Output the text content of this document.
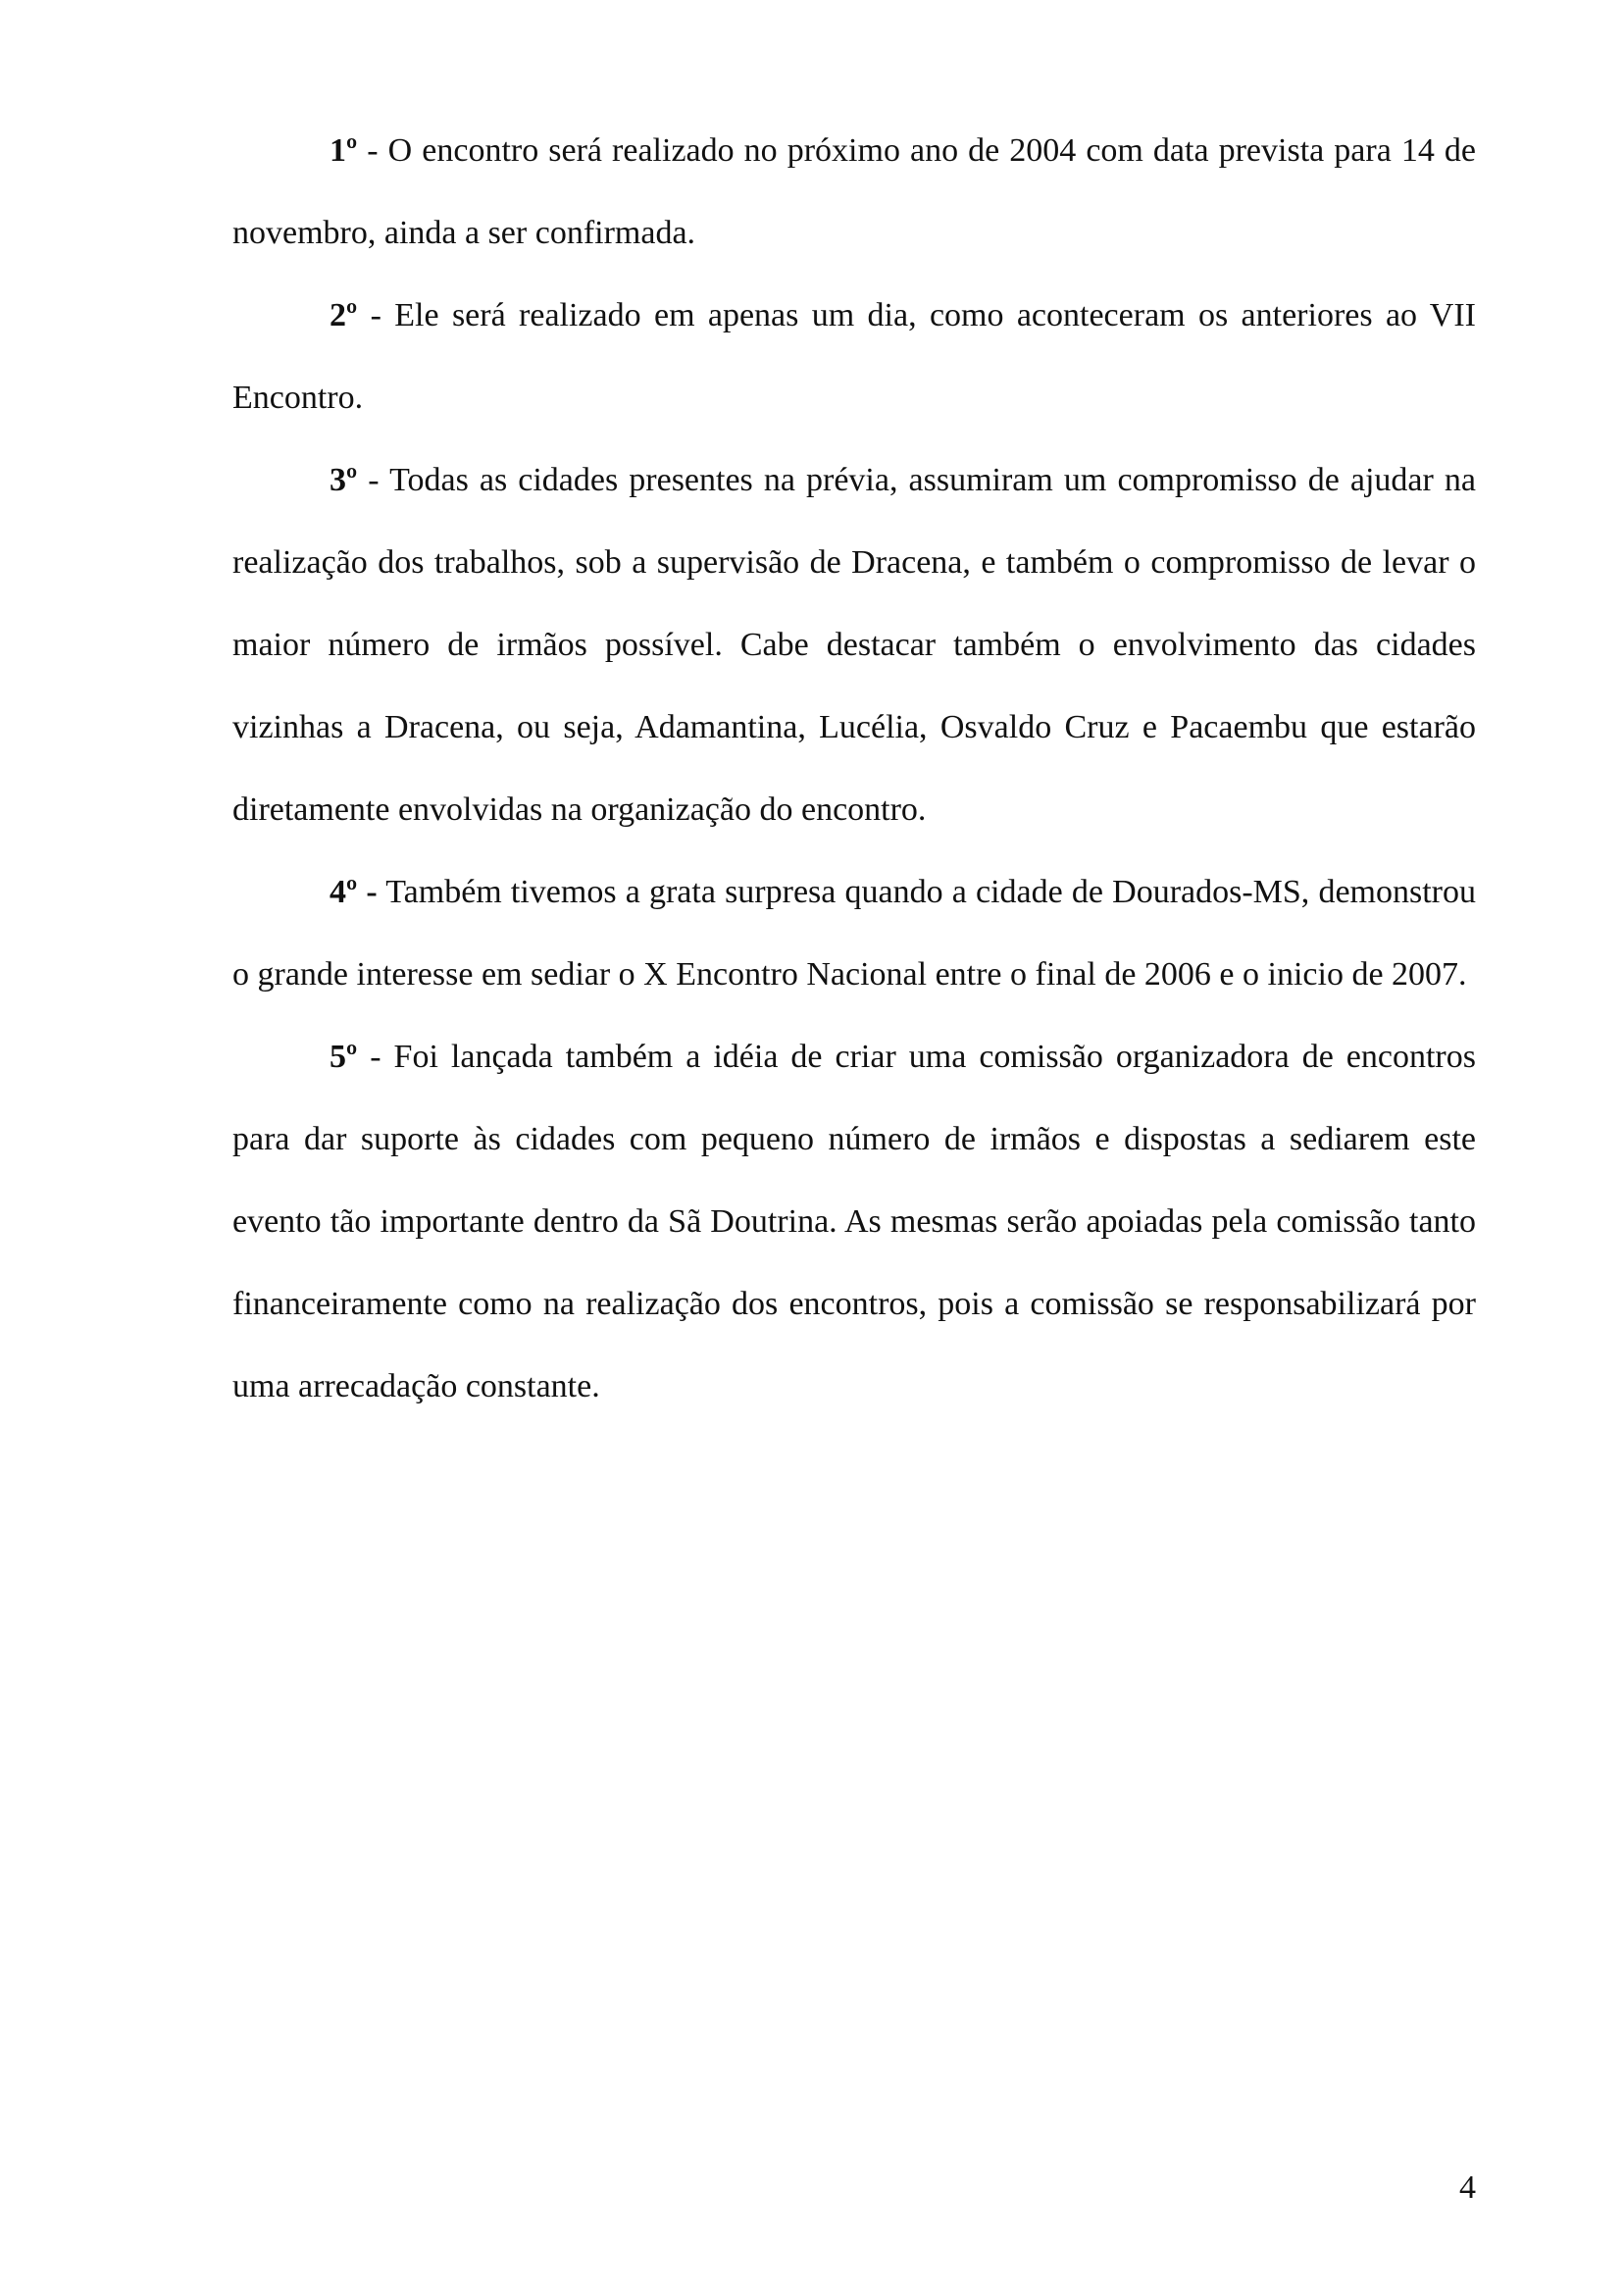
1º - O encontro será realizado no próximo ano de 2004 com data prevista para 14 de novembro, ainda a ser confirmada.

2º - Ele será realizado em apenas um dia, como aconteceram os anteriores ao VII Encontro.

3º - Todas as cidades presentes na prévia, assumiram um compromisso de ajudar na realização dos trabalhos, sob a supervisão de Dracena, e também o compromisso de levar o maior número de irmãos possível. Cabe destacar também o envolvimento das cidades vizinhas a Dracena, ou seja, Adamantina, Lucélia, Osvaldo Cruz e Pacaembu que estarão diretamente envolvidas na organização do encontro.

4º - Também tivemos a grata surpresa quando a cidade de Dourados-MS, demonstrou o grande interesse em sediar o X Encontro Nacional entre o final de 2006 e o inicio de 2007.

5º - Foi lançada também a idéia de criar uma comissão organizadora de encontros para dar suporte às cidades com pequeno número de irmãos e dispostas a sediarem este evento tão importante dentro da Sã Doutrina. As mesmas serão apoiadas pela comissão tanto financeiramente como na realização dos encontros, pois a comissão se responsabilizará por uma arrecadação constante.

4
